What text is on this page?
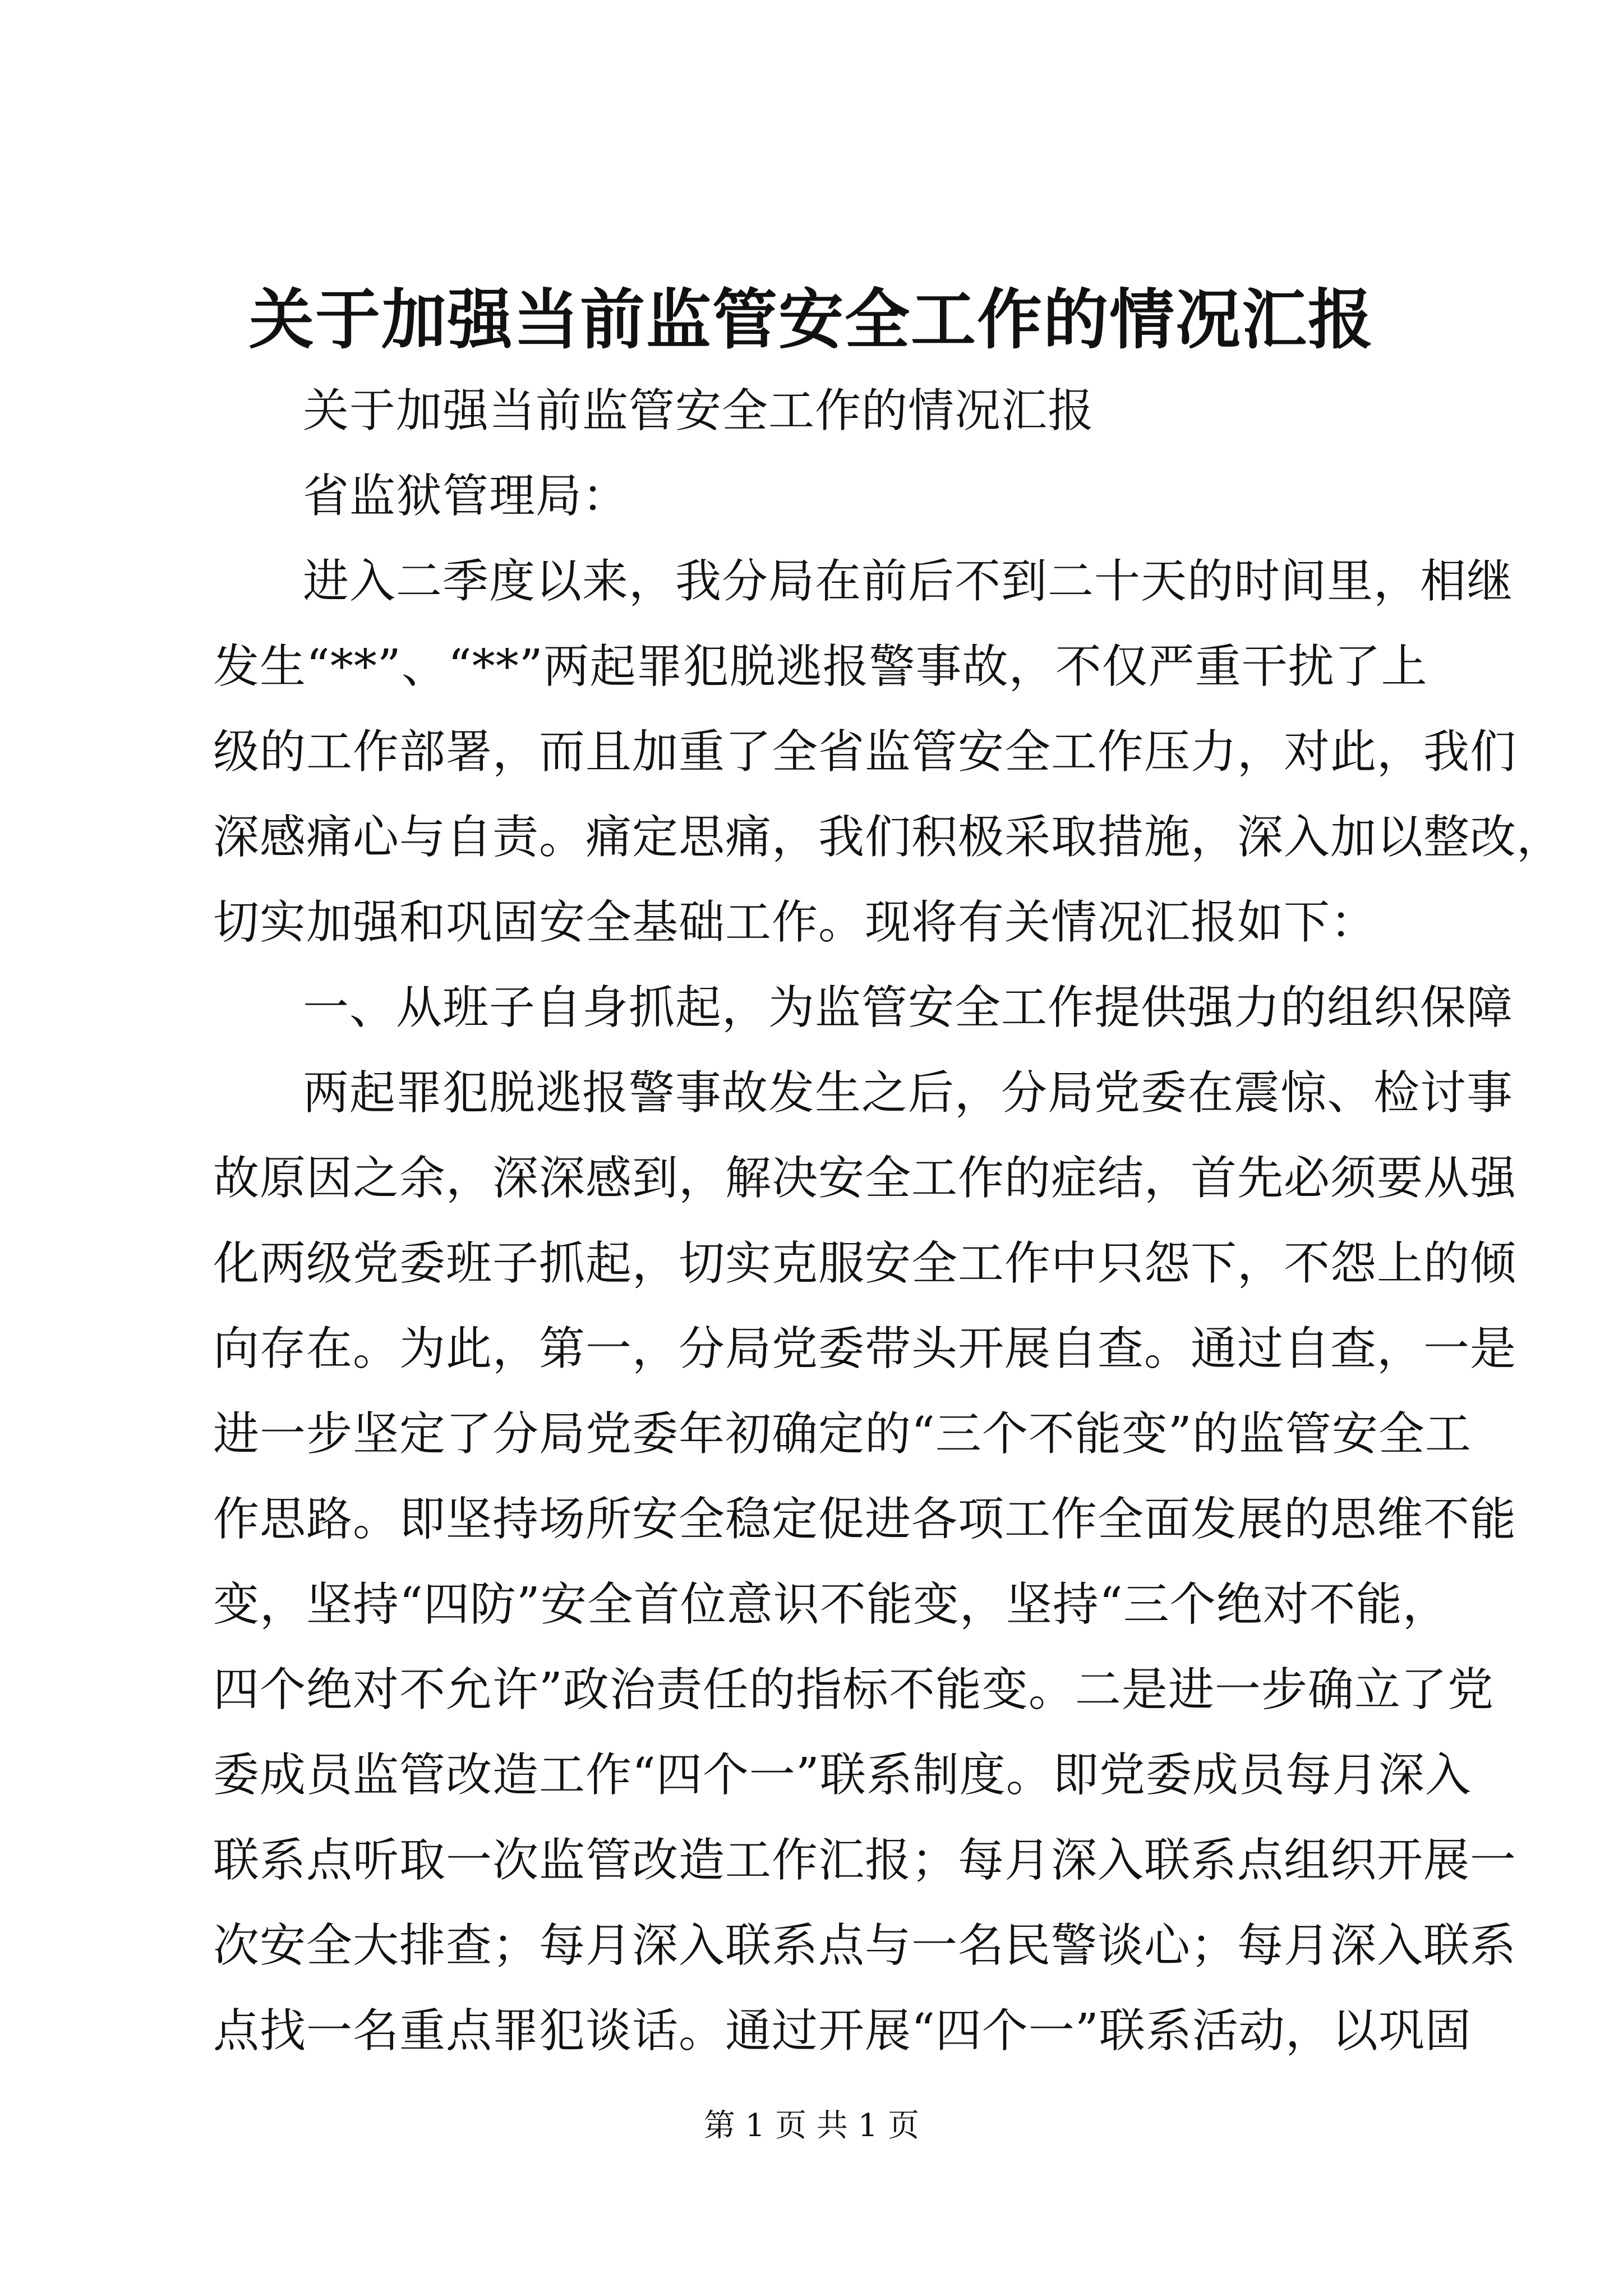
关于加强当前监管安全工作的情况汇报
关于加强当前监管安全工作的情况汇报
省监狱管理局：
进入二季度以来，我分局在前后不到二十天的时间里，相继
发生“**”、“**”两起罪犯脱逃报警事故，不仅严重干扰了上
级的工作部署，而且加重了全省监管安全工作压力，对此，我们
深感痛心与自责。痛定思痛，我们积极采取措施，深入加以整改，
切实加强和巩固安全基础工作。现将有关情况汇报如下：
一、从班子自身抓起，为监管安全工作提供强力的组织保障
两起罪犯脱逃报警事故发生之后，分局党委在震惊、检讨事
故原因之余，深深感到，解决安全工作的症结，首先必须要从强
化两级党委班子抓起，切实克服安全工作中只怨下，不怨上的倾
向存在。为此，第一，分局党委带头开展自查。通过自查，一是
进一步坚定了分局党委年初确定的“三个不能变”的监管安全工
作思路。即坚持场所安全稳定促进各项工作全面发展的思维不能
变，坚持“四防”安全首位意识不能变，坚持“三个绝对不能，
四个绝对不允许”政治责任的指标不能变。二是进一步确立了党
委成员监管改造工作“四个一”联系制度。即党委成员每月深入
联系点听取一次监管改造工作汇报；每月深入联系点组织开展一
次安全大排查；每月深入联系点与一名民警谈心；每月深入联系
点找一名重点罪犯谈话。通过开展“四个一”联系活动，以巩固
第 1 页 共 1 页
